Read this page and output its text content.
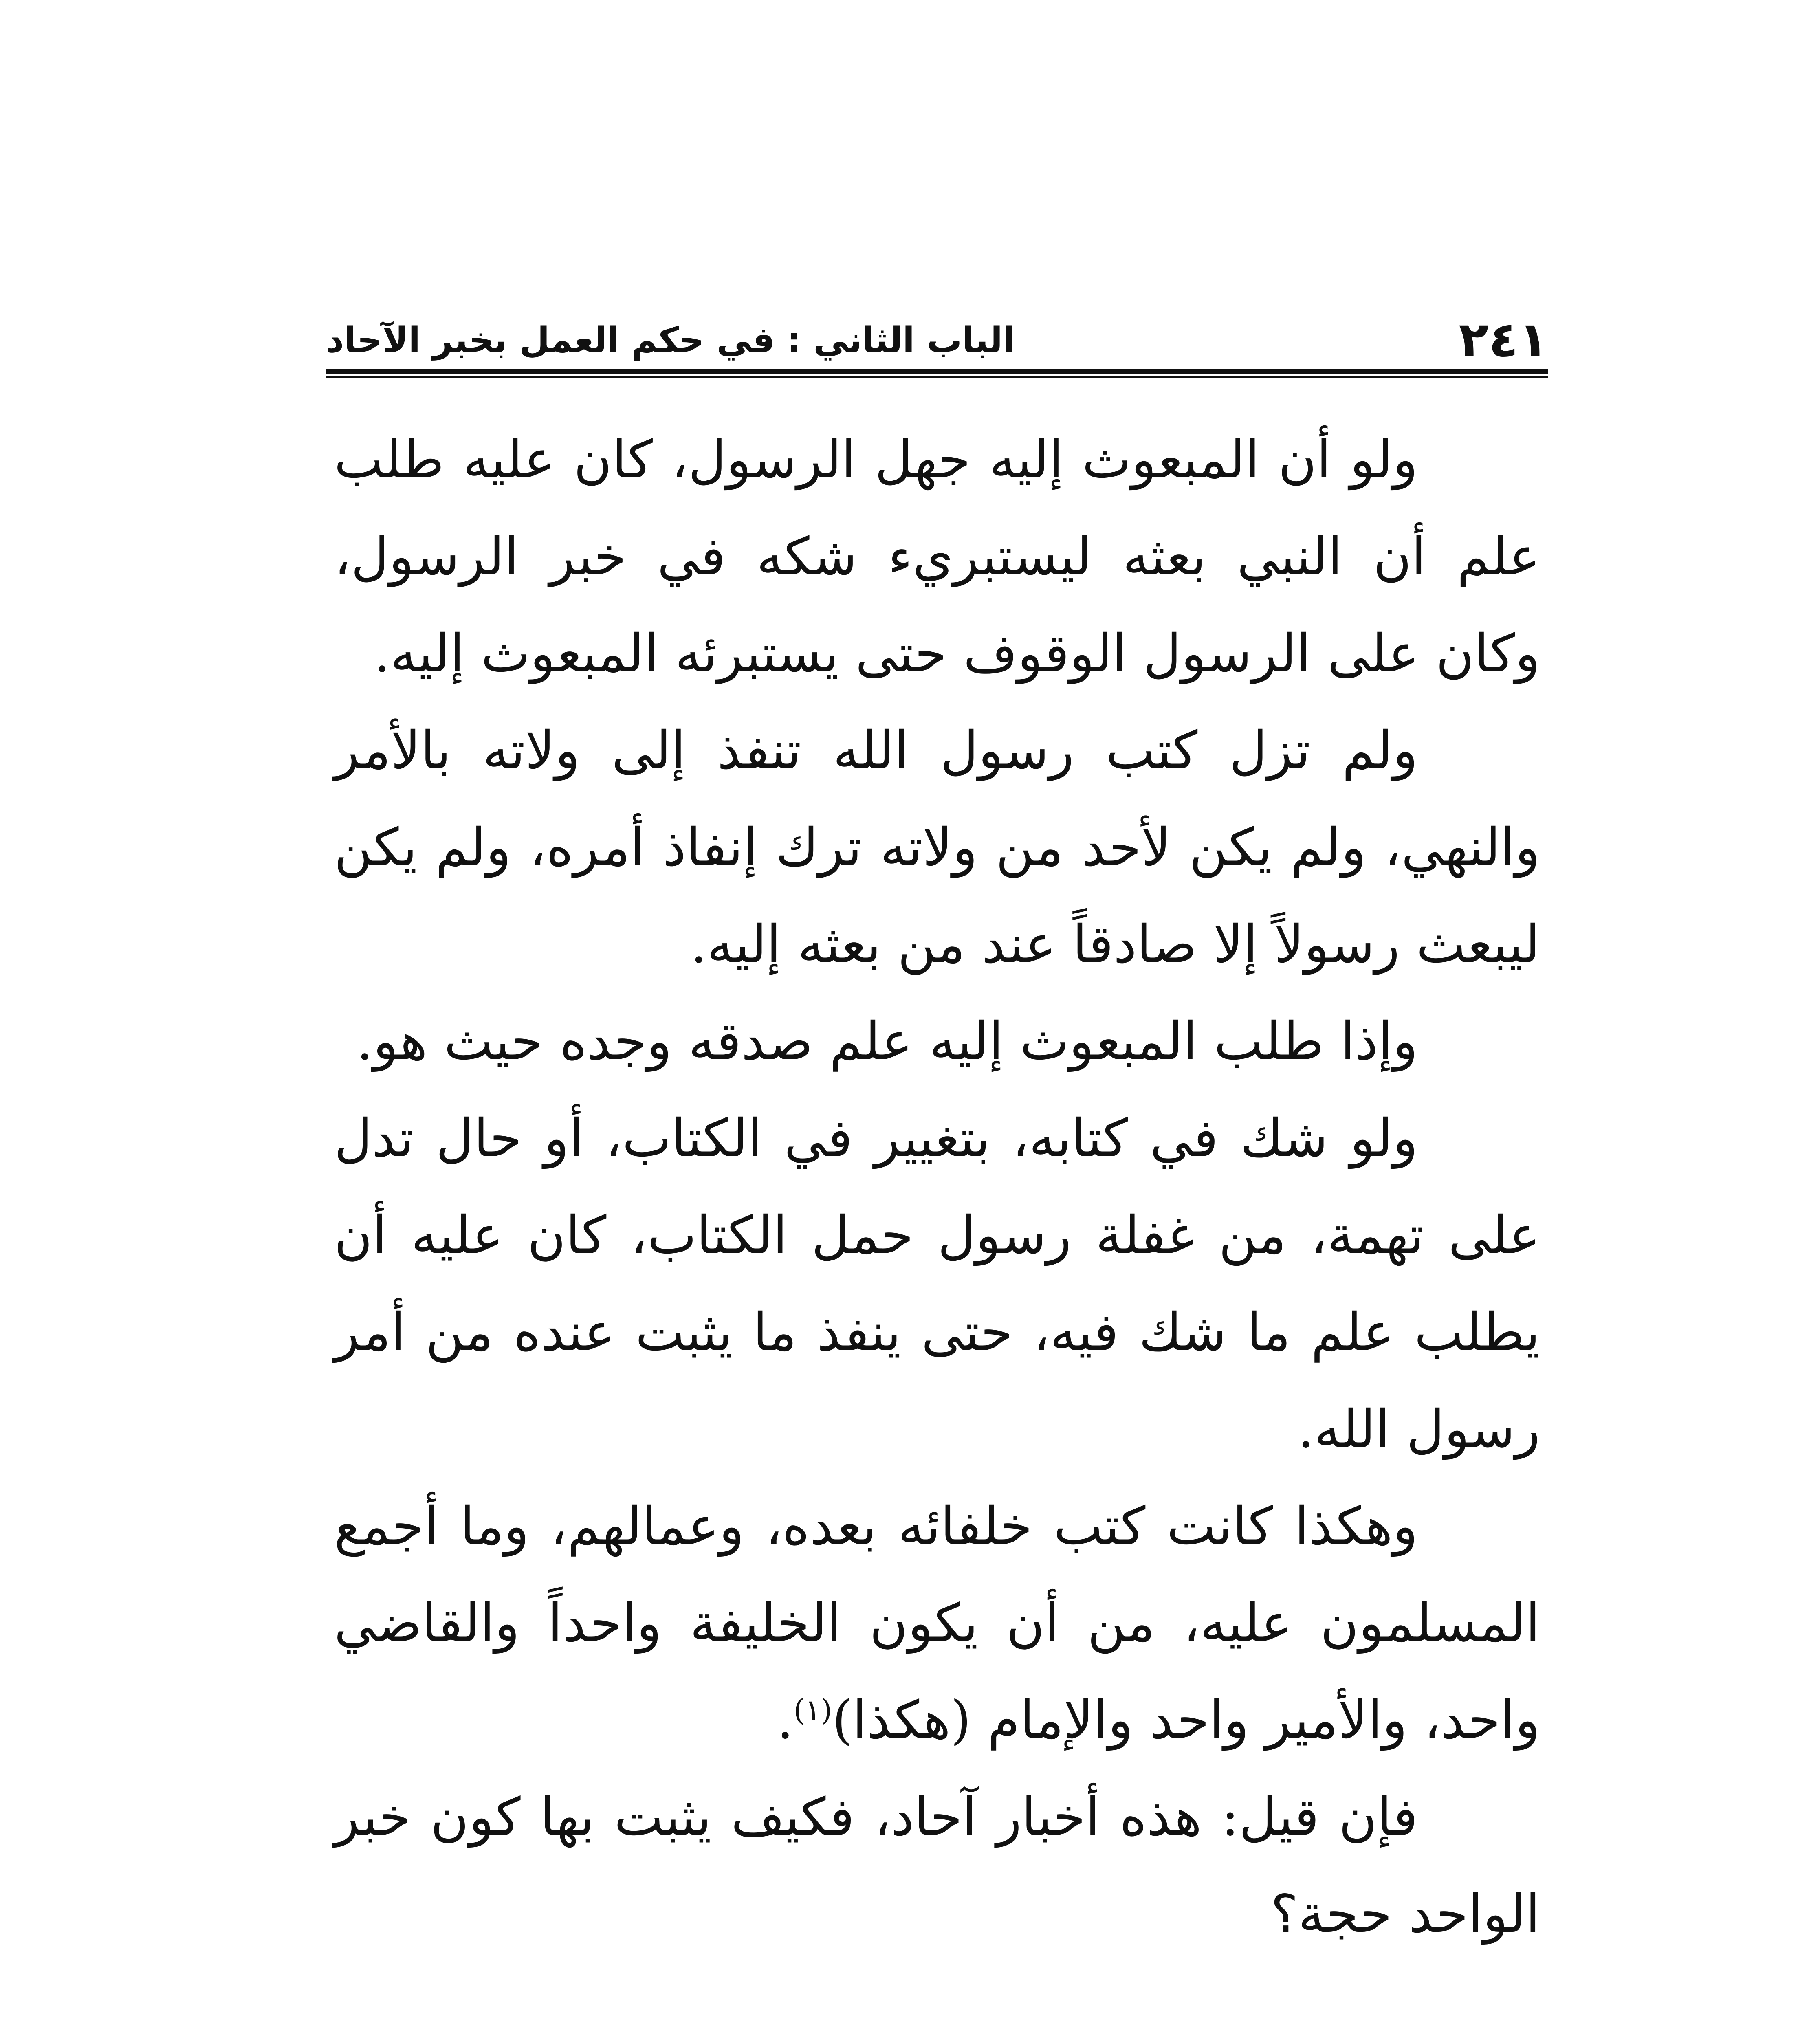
٢٤١
الباب الثاني : في حكم العمل بخبر الآحاد

ولو أن المبعوث إليه جهل الرسول، كان عليه طلب علم أن النبي بعثه ليستبريء شكه في خبر الرسول، وكان على الرسول الوقوف حتى يستبرئه المبعوث إليه.

ولم تزل كتب رسول الله تنفذ إلى ولاته بالأمر والنهي، ولم يكن لأحد من ولاته ترك إنفاذ أمره، ولم يكن ليبعث رسولاً إلا صادقاً عند من بعثه إليه.

وإذا طلب المبعوث إليه علم صدقه وجده حيث هو.

ولو شك في كتابه، بتغيير في الكتاب، أو حال تدل على تهمة، من غفلة رسول حمل الكتاب، كان عليه أن يطلب علم ما شك فيه، حتى ينفذ ما يثبت عنده من أمر رسول الله.

وهكذا كانت كتب خلفائه بعده، وعمالهم، وما أجمع المسلمون عليه، من أن يكون الخليفة واحداً والقاضي واحد، والأمير واحد والإمام (هكذا)$^{(١)}$.

فإن قيل: هذه أخبار آحاد، فكيف يثبت بها كون خبر الواحد حجة؟
